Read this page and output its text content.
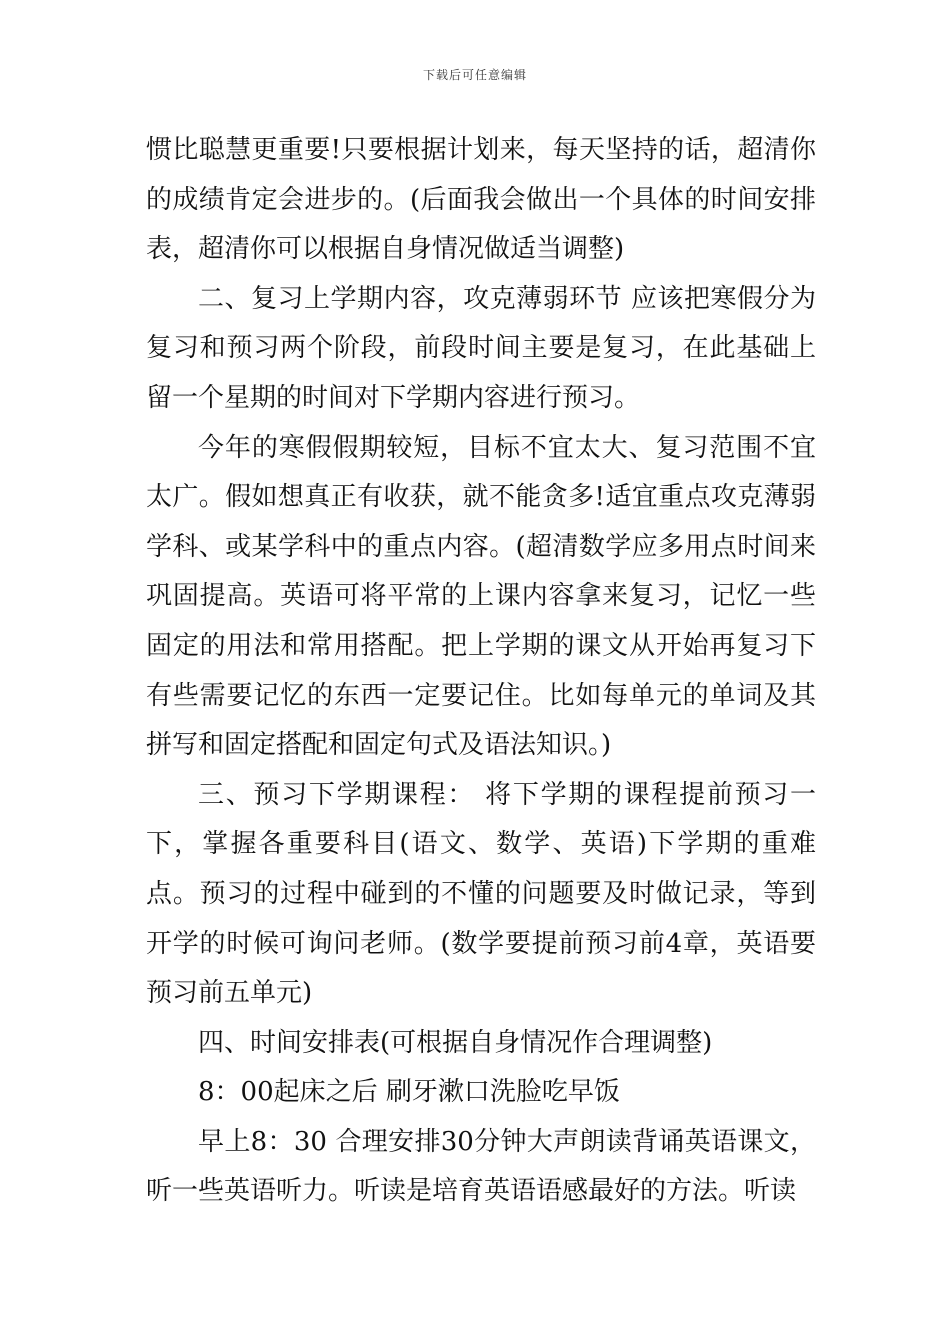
下载后可任意编辑

惯比聪慧更重要!只要根据计划来，每天坚持的话，超清你的成绩肯定会进步的。(后面我会做出一个具体的时间安排表，超清你可以根据自身情况做适当调整)

二、复习上学期内容，攻克薄弱环节 应该把寒假分为复习和预习两个阶段，前段时间主要是复习，在此基础上留一个星期的时间对下学期内容进行预习。

今年的寒假假期较短，目标不宜太大、复习范围不宜太广。假如想真正有收获，就不能贪多!适宜重点攻克薄弱学科、或某学科中的重点内容。(超清数学应多用点时间来巩固提高。英语可将平常的上课内容拿来复习，记忆一些固定的用法和常用搭配。把上学期的课文从开始再复习下有些需要记忆的东西一定要记住。比如每单元的单词及其拼写和固定搭配和固定句式及语法知识。)

三、预习下学期课程： 将下学期的课程提前预习一下，掌握各重要科目(语文、数学、英语)下学期的重难点。预习的过程中碰到的不懂的问题要及时做记录，等到开学的时候可询问老师。(数学要提前预习前4章，英语要预习前五单元)

四、时间安排表(可根据自身情况作合理调整)

8：00起床之后 刷牙漱口洗脸吃早饭

早上8：30 合理安排30分钟大声朗读背诵英语课文，听一些英语听力。听读是培育英语语感最好的方法。听读
